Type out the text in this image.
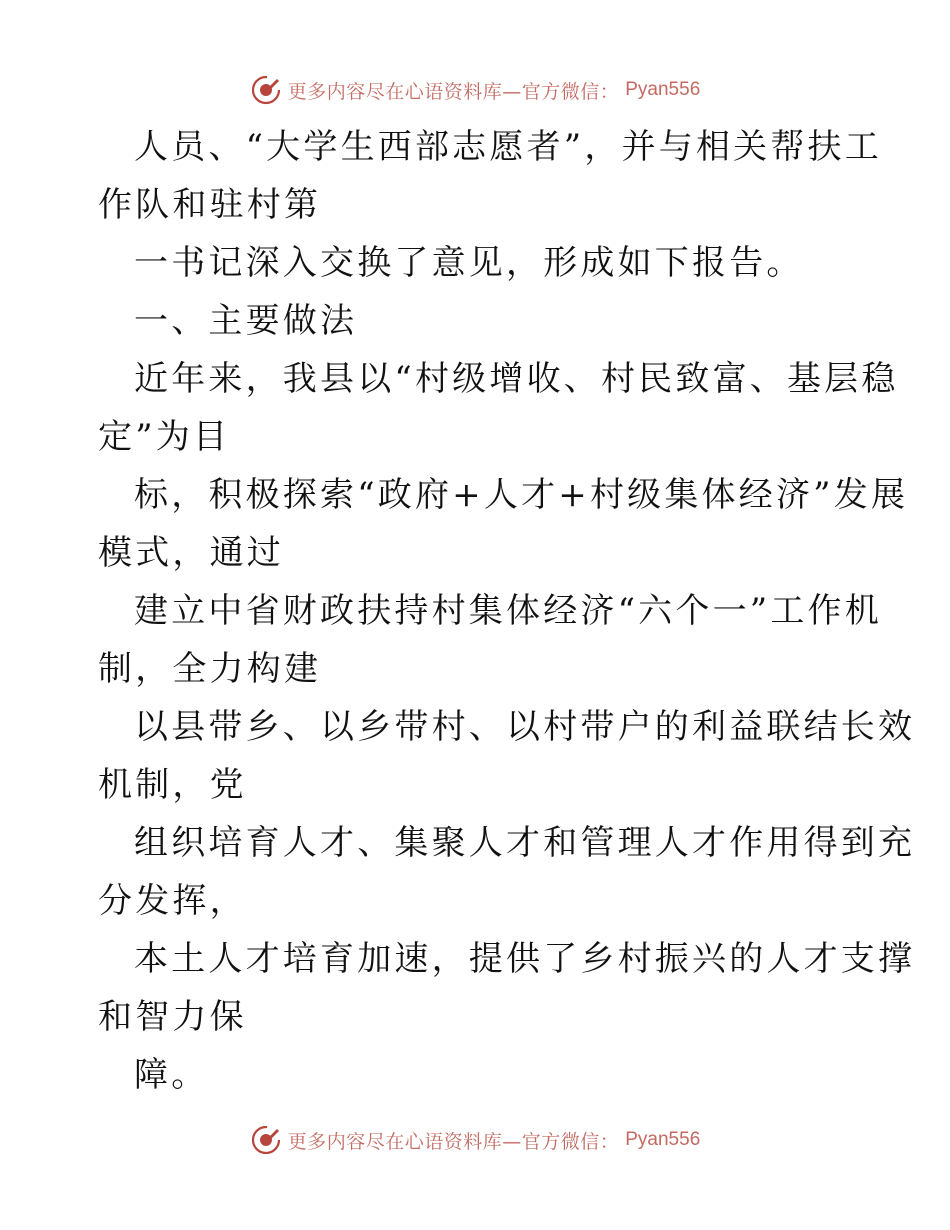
更多内容尽在心语资料库—官方微信： Pyan556
人员、“大学生西部志愿者”，并与相关帮扶工
作队和驻村第
一书记深入交换了意见，形成如下报告。
一、主要做法
近年来，我县以“村级增收、村民致富、基层稳
定”为目
标，积极探索“政府+人才+村级集体经济”发展
模式，通过
建立中省财政扶持村集体经济“六个一”工作机
制，全力构建
以县带乡、以乡带村、以村带户的利益联结长效
机制，党
组织培育人才、集聚人才和管理人才作用得到充
分发挥，
本土人才培育加速，提供了乡村振兴的人才支撑
和智力保
障。
更多内容尽在心语资料库—官方微信： Pyan556
